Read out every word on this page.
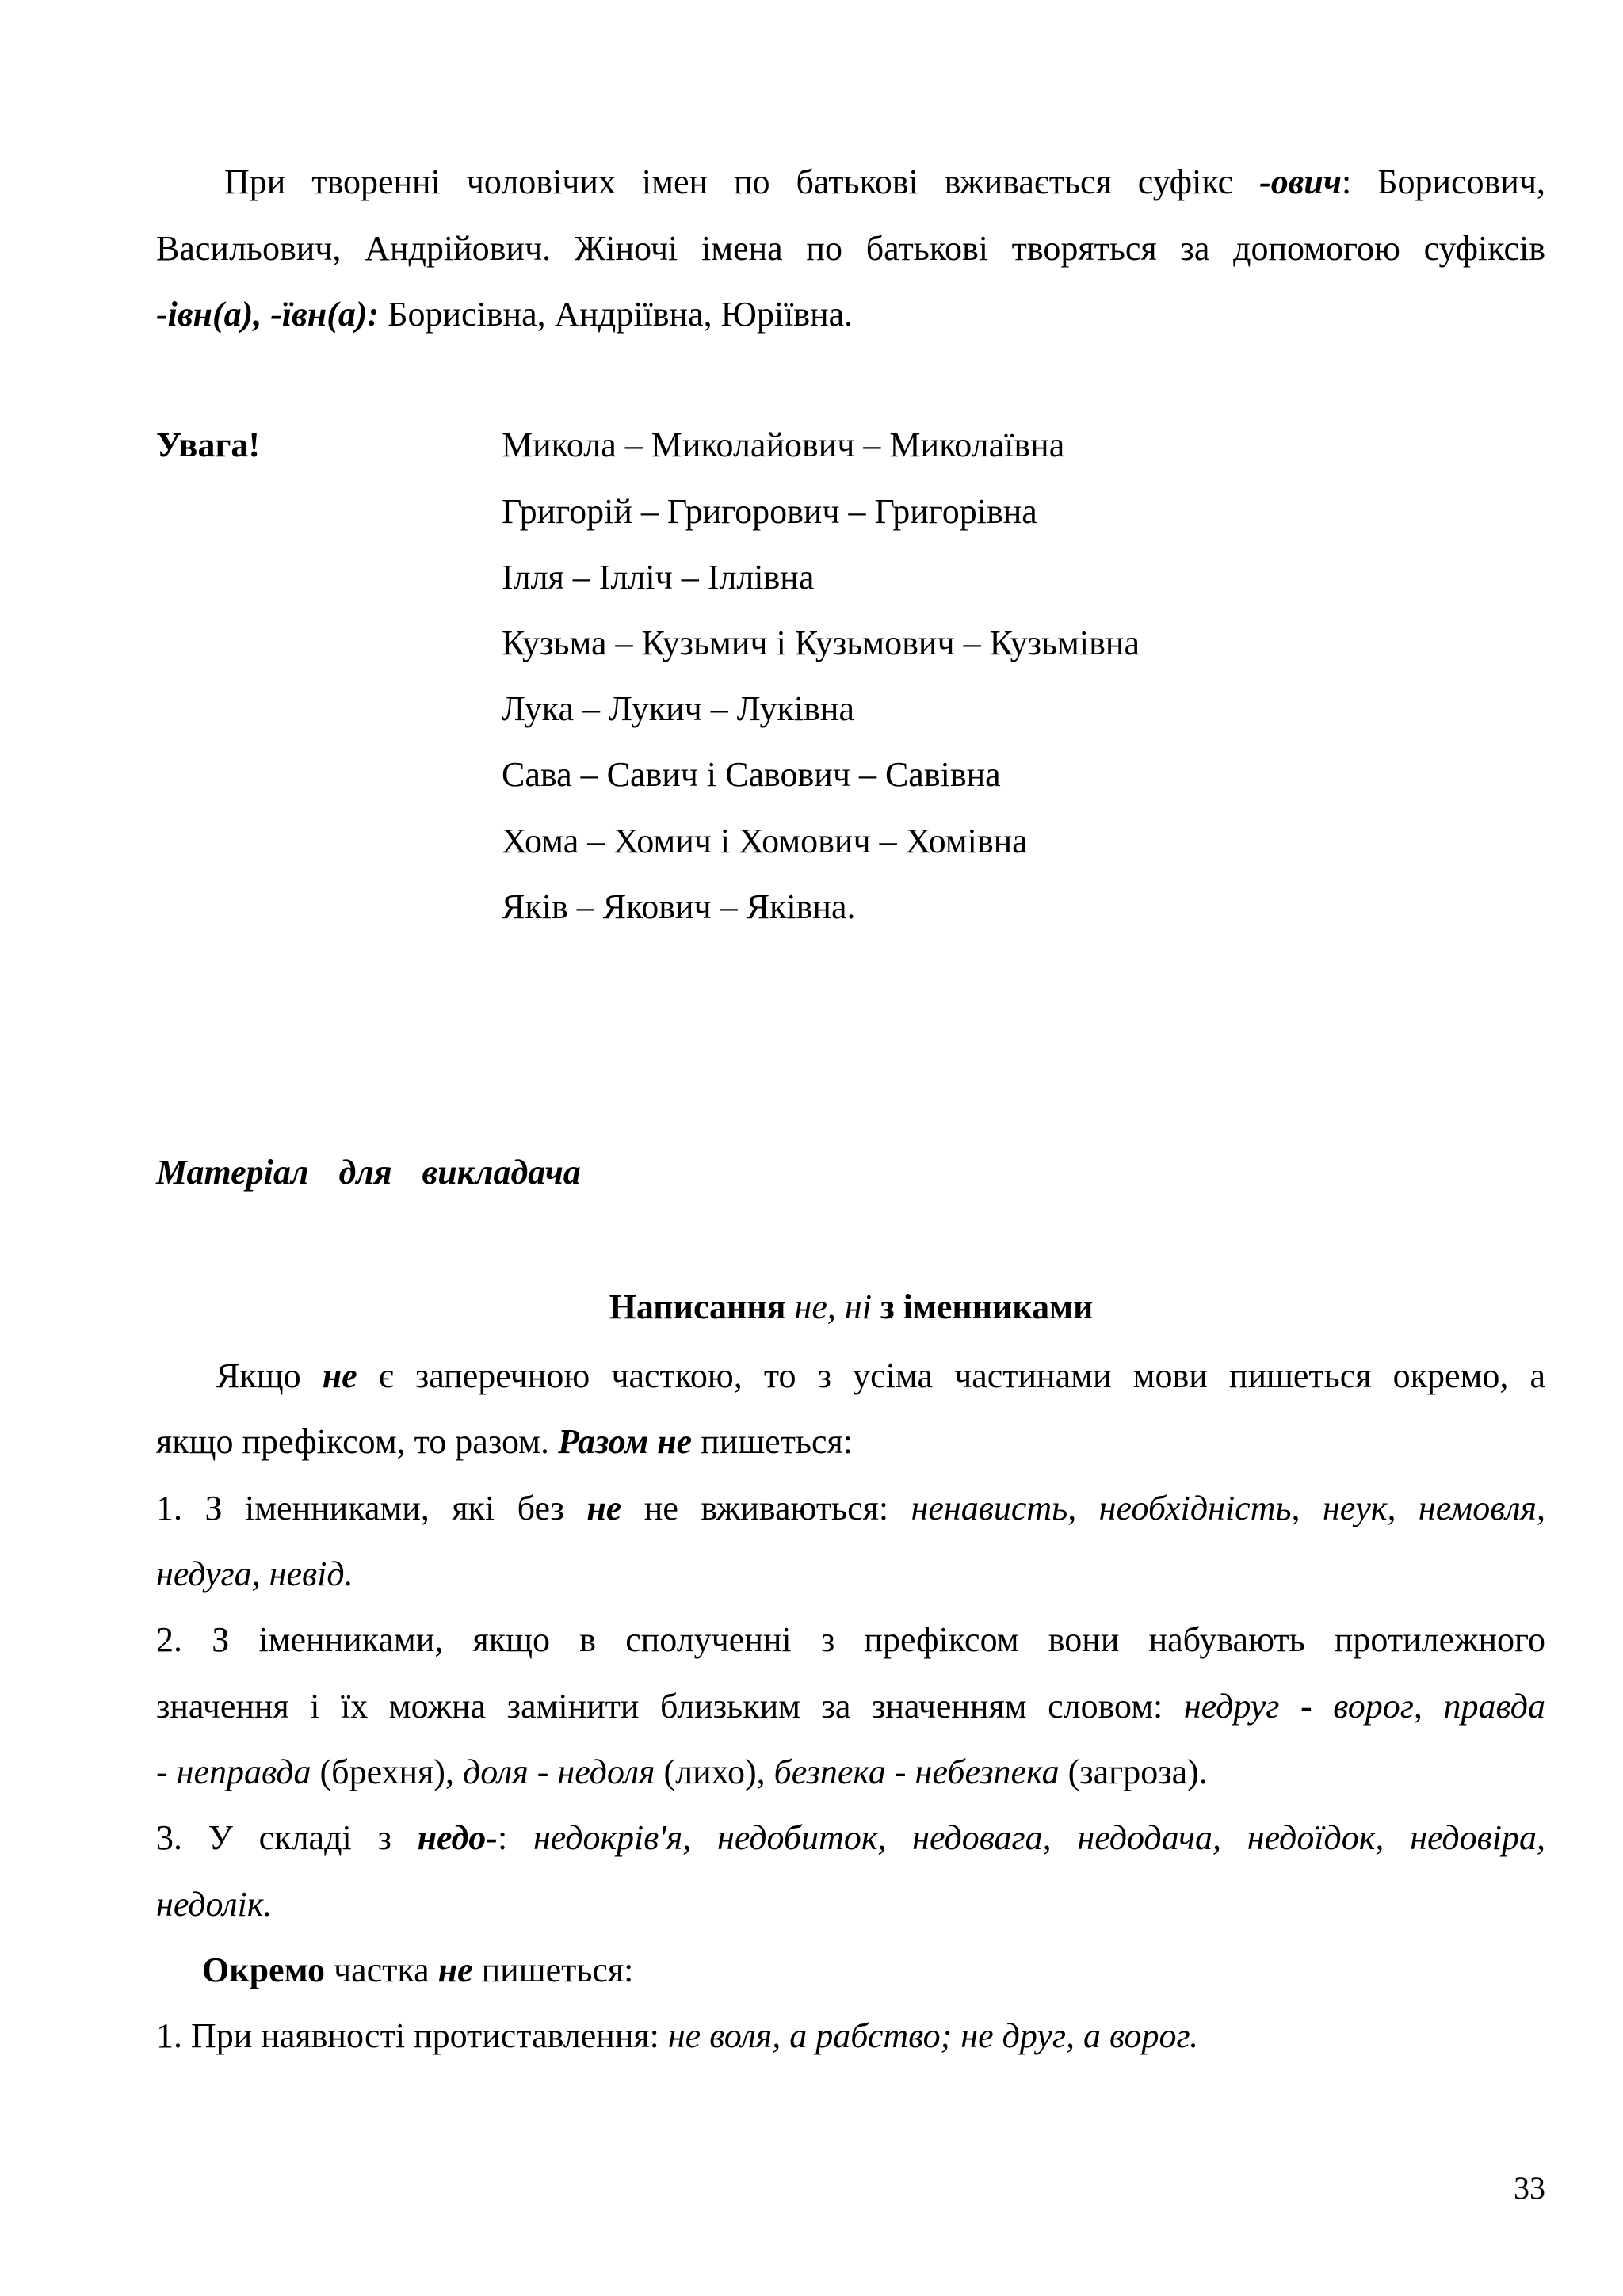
При творенні чоловічих імен по батькові вживається суфікс -ович: Борисович,
Васильович, Андрійович. Жіночі імена по батькові творяться за допомогою суфіксів
-івн(а), -ївн(а): Борисівна, Андріївна, Юріївна.
Увага!	Микола – Миколайович – Миколаївна
Григорій – Григорович – Григорівна
Ілля – Ілліч – Іллівна
Кузьма – Кузьмич і Кузьмович – Кузьмівна
Лука – Лукич – Луківна
Сава – Савич і Савович – Савівна
Хома – Хомич і Хомович – Хомівна
Яків – Якович – Яківна.
Матеріал  для  викладача
Написання не, ні з іменниками
Якщо не є заперечною часткою, то з усіма частинами мови пишеться окремо, а
якщо префіксом, то разом. Разом не пишеться:
1. З іменниками, які без не не вживаються: ненависть, необхідність, неук, немовля,
недуга, невід.
2. З іменниками, якщо в сполученні з префіксом вони набувають протилежного
значення і їх можна замінити близьким за значенням словом: недруг - ворог, правда
- неправда (брехня), доля - недоля (лихо), безпека - небезпека (загроза).
3. У складі з недо-: недокрів'я, недобиток, недовага, недодача, недоїдок, недовіра,
недолік.
Окремо частка не пишеться:
1. При наявності протиставлення: не воля, а рабство; не друг, а ворог.
33
